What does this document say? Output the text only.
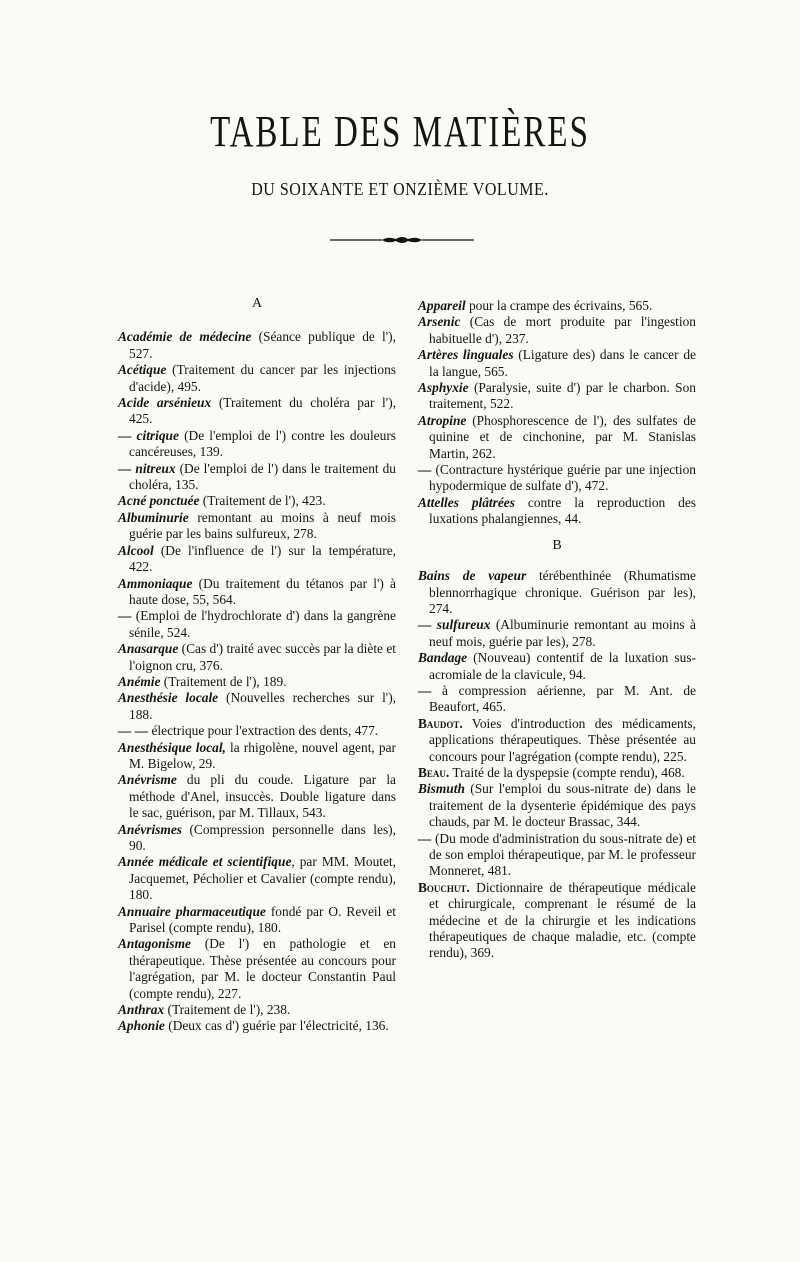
TABLE DES MATIÈRES
DU SOIXANTE ET ONZIÈME VOLUME.
A

Académie de médecine (Séance publique de l'), 527.

Acétique (Traitement du cancer par les injections d'acide), 495.

Acide arsénieux (Traitement du choléra par l'), 425.

— citrique (De l'emploi de l') contre les douleurs cancéreuses, 139.

— nitreux (De l'emploi de l') dans le traitement du choléra, 135.

Acné ponctuée (Traitement de l'), 423.

Albuminurie remontant au moins à neuf mois guérie par les bains sulfureux, 278.

Alcool (De l'influence de l') sur la température, 422.

Ammoniaque (Du traitement du tétanos par l') à haute dose, 55, 564.

— (Emploi de l'hydrochlorate d') dans la gangrène sénile, 524.

Anasarque (Cas d') traité avec succès par la diète et l'oignon cru, 376.

Anémie (Traitement de l'), 189.

Anesthésie locale (Nouvelles recherches sur l'), 188.

— — électrique pour l'extraction des dents, 477.

Anesthésique local, la rhigolène, nouvel agent, par M. Bigelow, 29.

Anévrisme du pli du coude. Ligature par la méthode d'Anel, insuccès. Double ligature dans le sac, guérison, par M. Tillaux, 543.

Anévrismes (Compression personnelle dans les), 90.

Année médicale et scientifique, par MM. Moutet, Jacquemet, Pécholier et Cavalier (compte rendu), 180.

Annuaire pharmaceutique fondé par O. Reveil et Parisel (compte rendu), 180.

Antagonisme (De l') en pathologie et en thérapeutique. Thèse présentée au concours pour l'agrégation, par M. le docteur Constantin Paul (compte rendu), 227.

Anthrax (Traitement de l'), 238.

Aphonie (Deux cas d') guérie par l'électricité, 136.

Appareil pour la crampe des écrivains, 565.

Arsenic (Cas de mort produite par l'ingestion habituelle d'), 237.

Artères linguales (Ligature des) dans le cancer de la langue, 565.

Asphyxie (Paralysie, suite d') par le charbon. Son traitement, 522.

Atropine (Phosphorescence de l'), des sulfates de quinine et de cinchonine, par M. Stanislas Martin, 262.

— (Contracture hystérique guérie par une injection hypodermique de sulfate d'), 472.

Attelles plâtrées contre la reproduction des luxations phalangiennes, 44.

B

Bains de vapeur térébenthinée (Rhumatisme blennorrhagique chronique. Guérison par les), 274.

— sulfureux (Albuminurie remontant au moins à neuf mois, guérie par les), 278.

Bandage (Nouveau) contentif de la luxation sus-acromiale de la clavicule, 94.

— à compression aérienne, par M. Ant. de Beaufort, 465.

Baudot. Voies d'introduction des médicaments, applications thérapeutiques. Thèse présentée au concours pour l'agrégation (compte rendu), 225.

Beau. Traité de la dyspepsie (compte rendu), 468.

Bismuth (Sur l'emploi du sous-nitrate de) dans le traitement de la dysenterie épidémique des pays chauds, par M. le docteur Brassac, 344.

— (Du mode d'administration du sous-nitrate de) et de son emploi thérapeutique, par M. le professeur Monneret, 481.

Bouchut. Dictionnaire de thérapeutique médicale et chirurgicale, comprenant le résumé de la médecine et de la chirurgie et les indications thérapeutiques de chaque maladie, etc. (compte rendu), 369.
